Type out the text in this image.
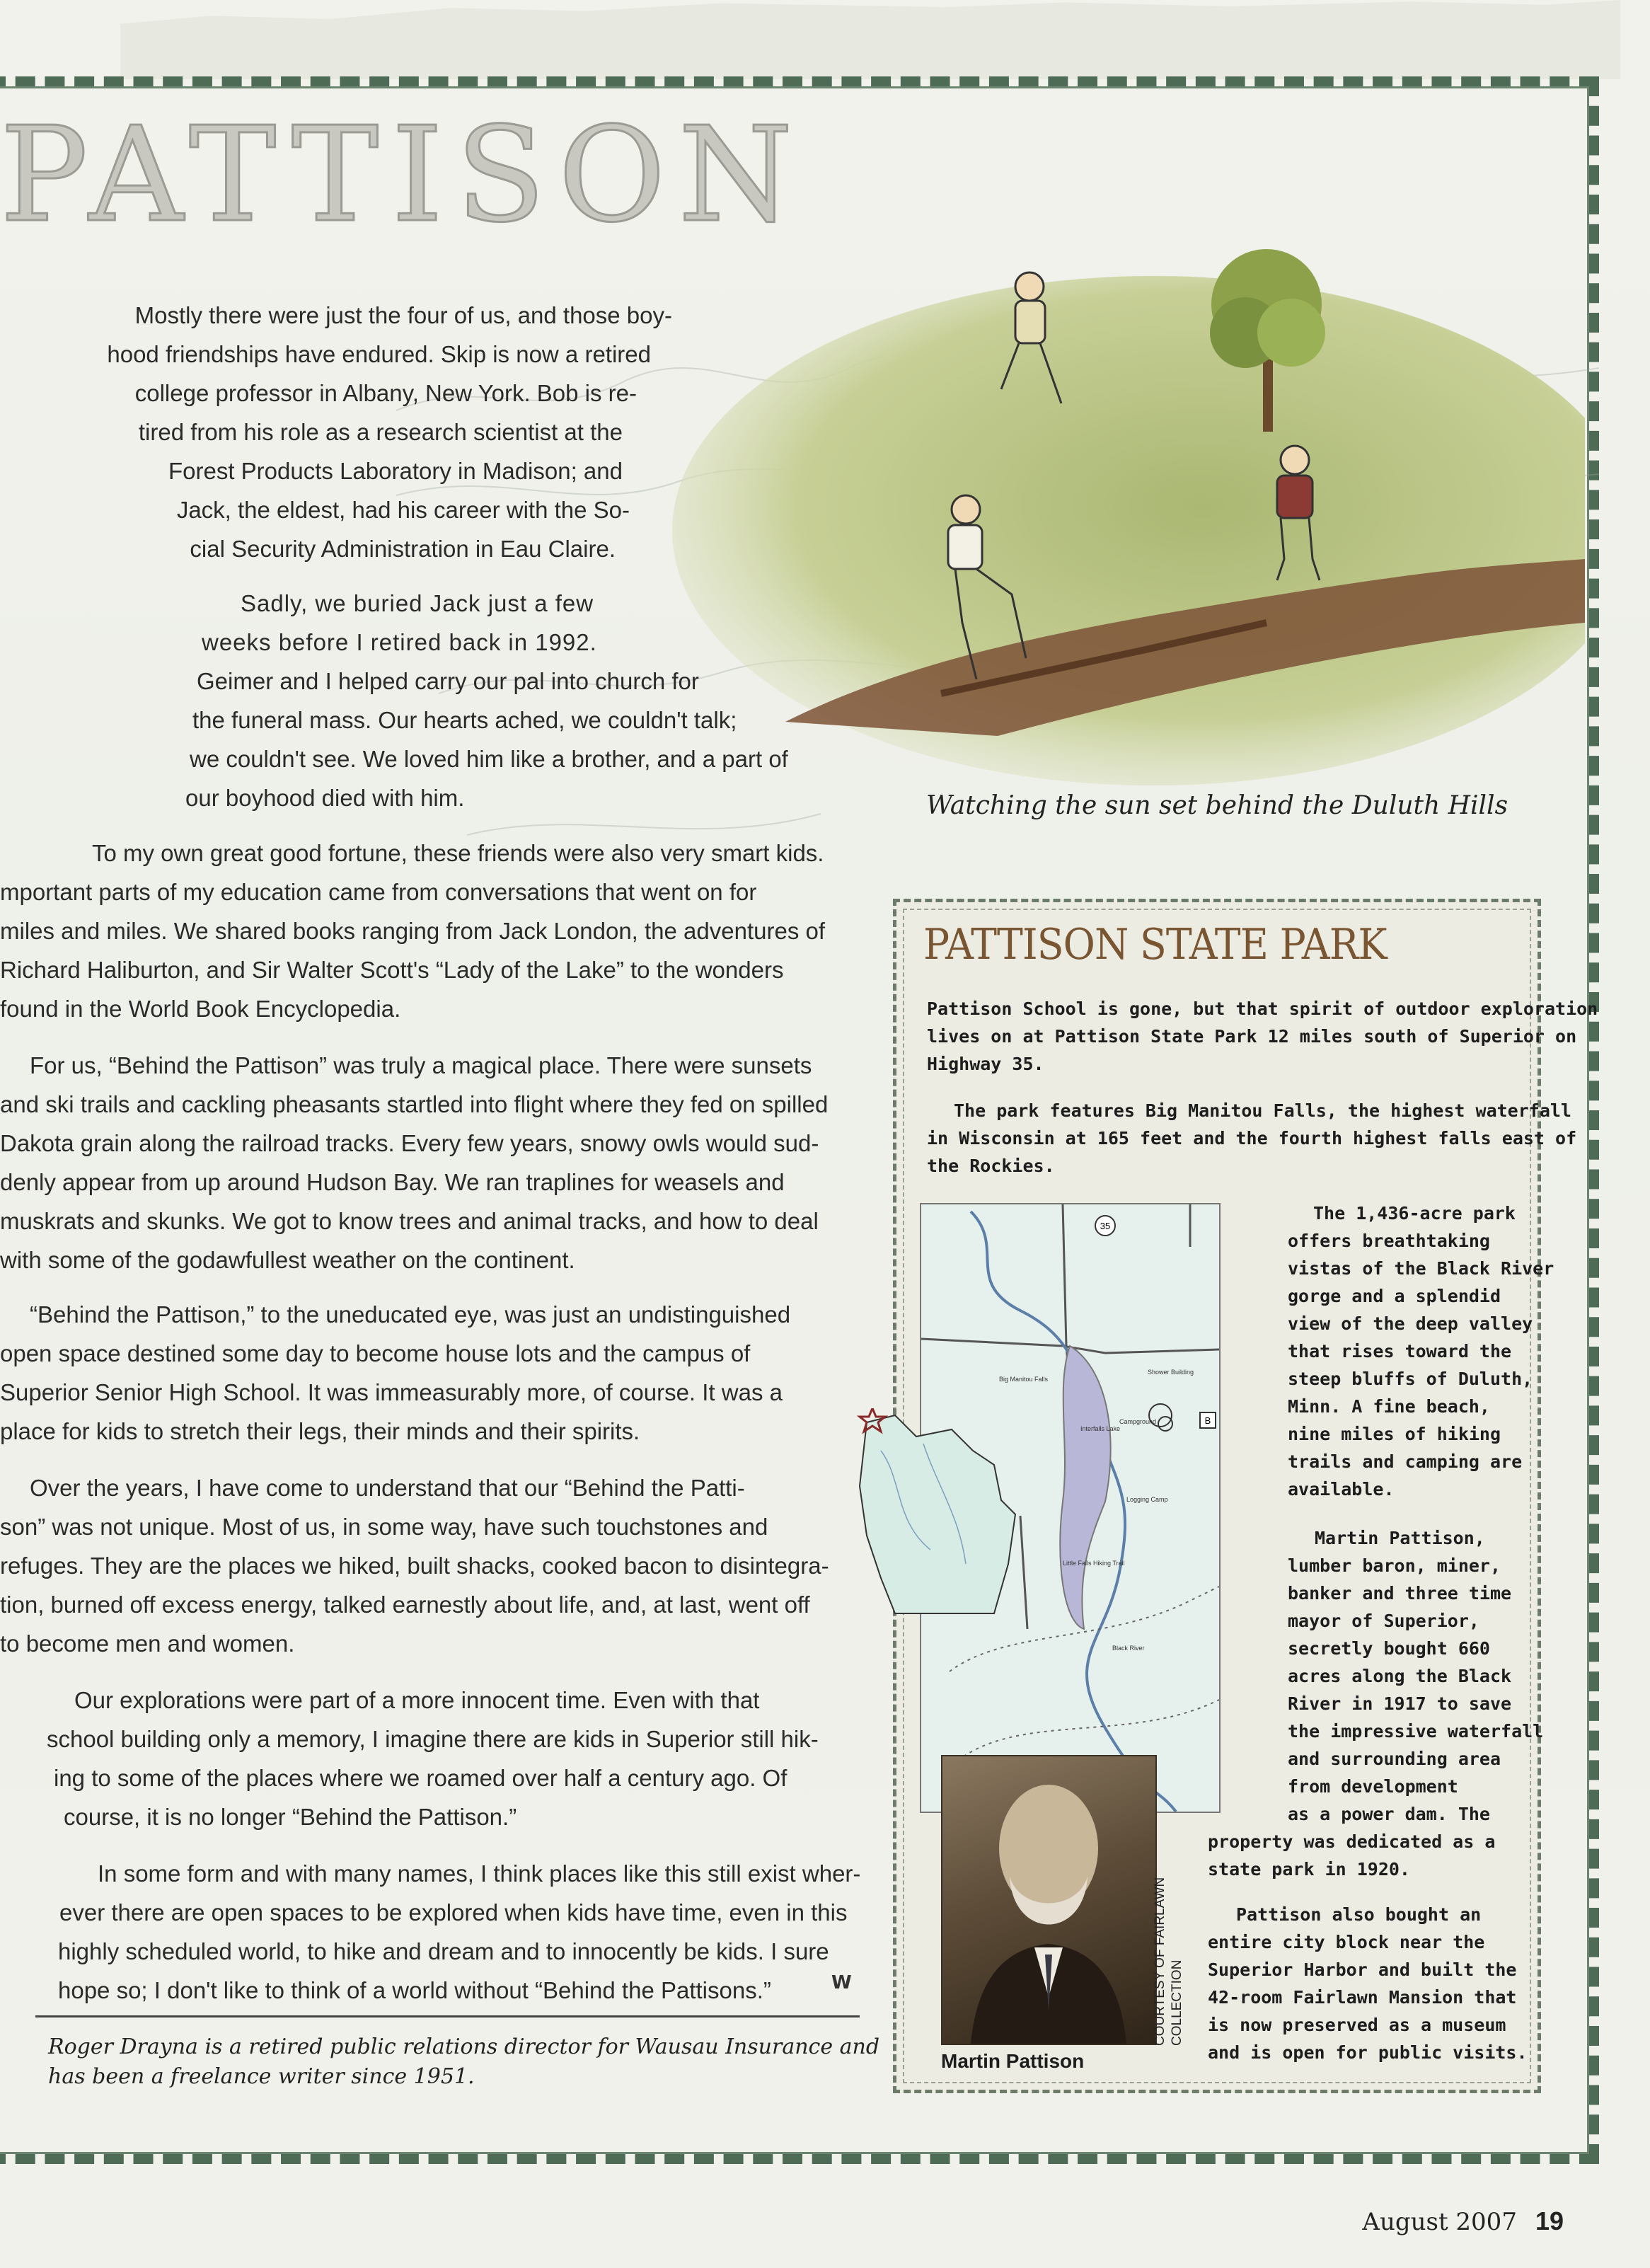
PATTISON
Watching the sun set behind the Duluth Hills

Mostly there were just the four of us, and those boy-

hood friendships have endured. Skip is now a retired

college professor in Albany, New York. Bob is re-

tired from his role as a research scientist at the

Forest Products Laboratory in Madison; and

Jack, the eldest, had his career with the So-

cial Security Administration in Eau Claire.

Sadly, we buried Jack just a few

weeks before I retired back in 1992.

Geimer and I helped carry our pal into church for

the funeral mass. Our hearts ached, we couldn't talk;

we couldn't see. We loved him like a brother, and a part of

our boyhood died with him.

To my own great good fortune, these friends were also very smart kids.

mportant parts of my education came from conversations that went on for

miles and miles. We shared books ranging from Jack London, the adventures of

Richard Haliburton, and Sir Walter Scott's “Lady of the Lake” to the wonders

found in the World Book Encyclopedia.

For us, “Behind the Pattison” was truly a magical place. There were sunsets

and ski trails and cackling pheasants startled into flight where they fed on spilled

Dakota grain along the railroad tracks. Every few years, snowy owls would sud-

denly appear from up around Hudson Bay. We ran traplines for weasels and

muskrats and skunks. We got to know trees and animal tracks, and how to deal

with some of the godawfullest weather on the continent.

“Behind the Pattison,” to the uneducated eye, was just an undistinguished

open space destined some day to become house lots and the campus of

Superior Senior High School. It was immeasurably more, of course. It was a

place for kids to stretch their legs, their minds and their spirits.

Over the years, I have come to understand that our “Behind the Patti-

son” was not unique. Most of us, in some way, have such touchstones and

refuges. They are the places we hiked, built shacks, cooked bacon to disintegra-

tion, burned off excess energy, talked earnestly about life, and, at last, went off

to become men and women.

Our explorations were part of a more innocent time. Even with that

school building only a memory, I imagine there are kids in Superior still hik-

ing to some of the places where we roamed over half a century ago. Of

course, it is no longer “Behind the Pattison.”

In some form and with many names, I think places like this still exist wher-

ever there are open spaces to be explored when kids have time, even in this

highly scheduled world, to hike and dream and to innocently be kids. I sure

hope so; I don't like to think of a world without “Behind the Pattisons.”	W
Roger Drayna is a retired public relations director for Wausau Insurance and
has been a freelance writer since 1951.
PATTISON STATE PARK

Pattison School is gone, but that spirit of outdoor exploration

lives on at Pattison State Park 12 miles south of Superior on

Highway 35.

The park features Big Manitou Falls, the highest waterfall

in Wisconsin at 165 feet and the fourth highest falls east of

the Rockies.

35
B
Big Manitou Falls
Interfalls Lake
Campground
Shower Building
Logging Camp
Little Falls Hiking Trail
Black River

The 1,436-acre park

offers breathtaking

vistas of the Black River

gorge and a splendid

view of the deep valley

that rises toward the

steep bluffs of Duluth,

Minn. A fine beach,

nine miles of hiking

trails and camping are

available.

Martin Pattison,

lumber baron, miner,

banker and three time

mayor of Superior,

secretly bought 660

acres along the Black

River in 1917 to save

the impressive waterfall

and surrounding area

from development

as a power dam. The

property was dedicated as a

state park in 1920.

Pattison also bought an

entire city block near the

Superior Harbor and built the

42-room Fairlawn Mansion that

is now preserved as a museum

and is open for public visits.

Martin Pattison
COURTESY OF FAIRLAWN COLLECTION
August 2007 19
